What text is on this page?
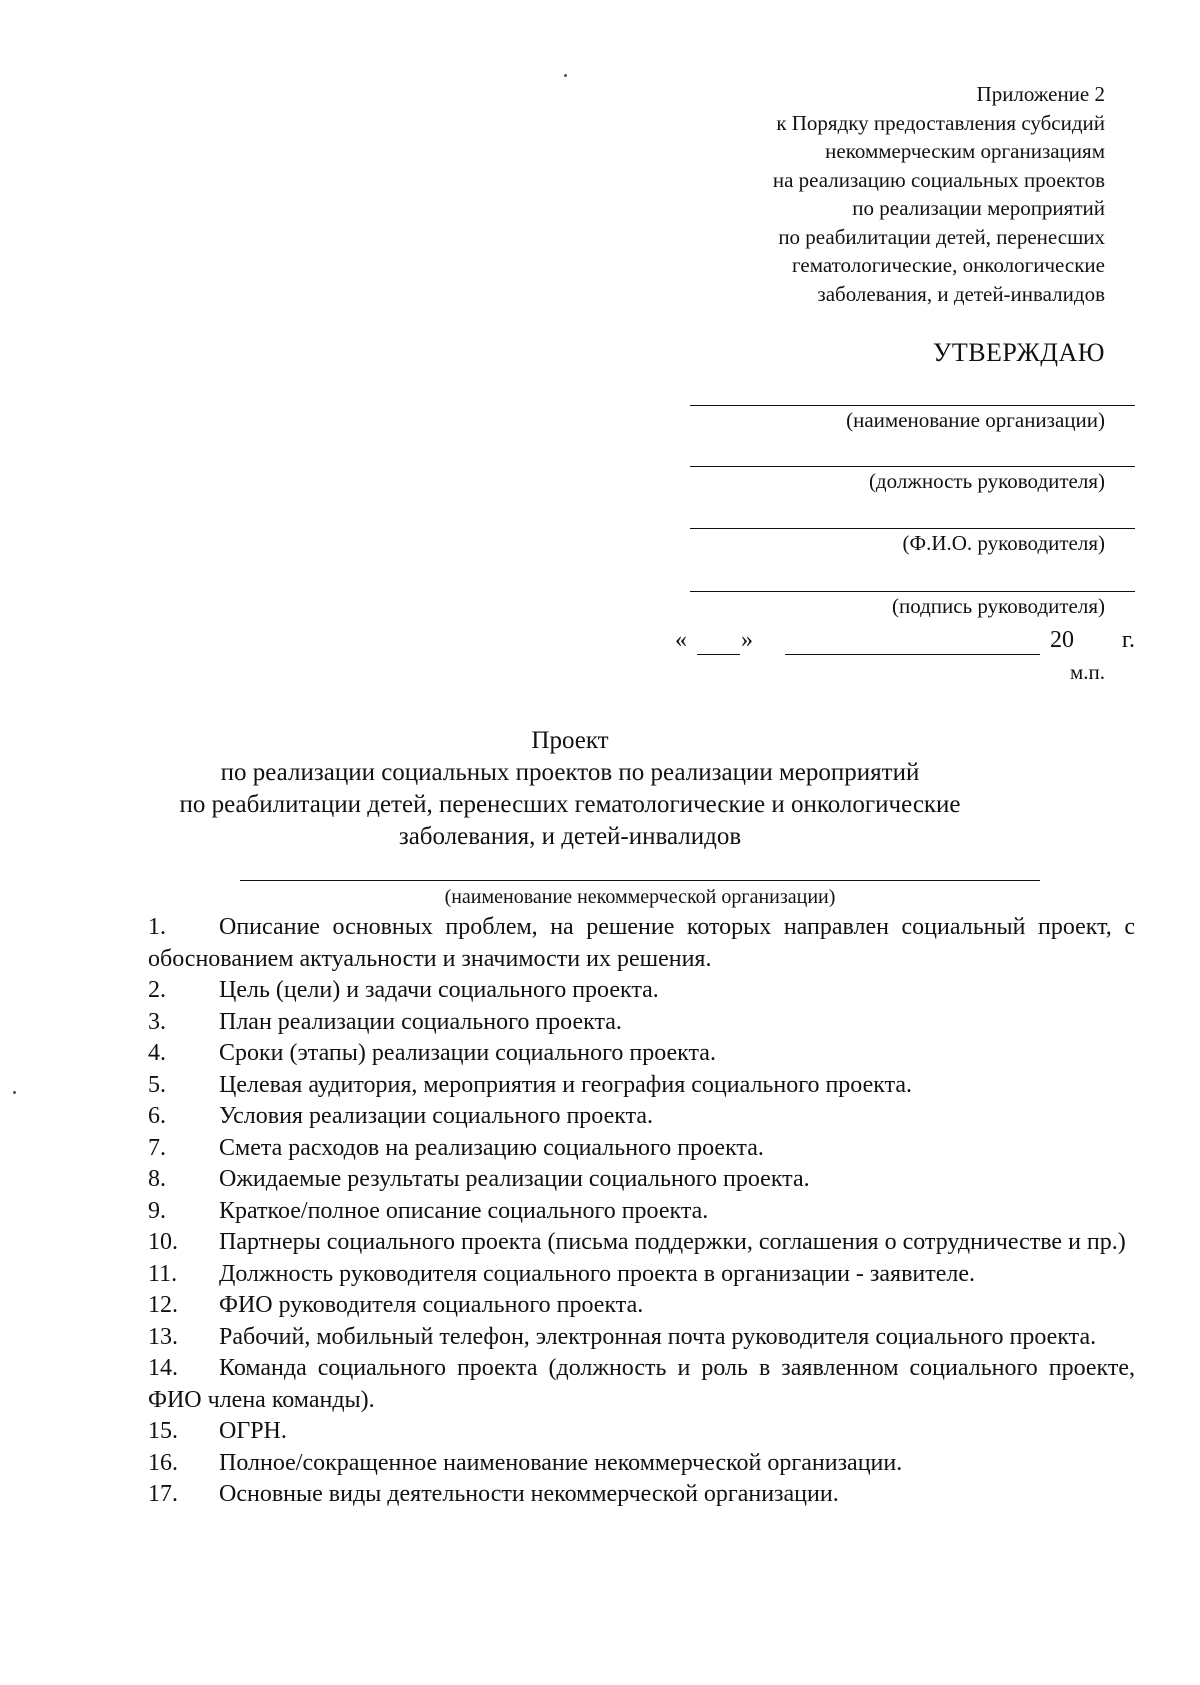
Приложение 2
к Порядку предоставления субсидий
некоммерческим организациям
на реализацию социальных проектов
по реализации мероприятий
по реабилитации детей, перенесших
гематологические, онкологические
заболевания, и детей-инвалидов
УТВЕРЖДАЮ
(наименование организации)
(должность руководителя)
(Ф.И.О. руководителя)
(подпись руководителя)
« »	20 г.
м.п.
Проект
по реализации социальных проектов по реализации мероприятий
по реабилитации детей, перенесших гематологические и онкологические
заболевания, и детей-инвалидов
(наименование некоммерческой организации)
1. Описание основных проблем, на решение которых направлен социальный проект, с обоснованием актуальности и значимости их решения.
2.	Цель (цели) и задачи социального проекта.
3.	План реализации социального проекта.
4.	Сроки (этапы) реализации социального проекта.
5.	Целевая аудитория, мероприятия и география социального проекта.
6.	Условия реализации социального проекта.
7.	Смета расходов на реализацию социального проекта.
8.	Ожидаемые результаты реализации социального проекта.
9.	Краткое/полное описание социального проекта.
10. Партнеры социального проекта (письма поддержки, соглашения о сотрудничестве и пр.)
11.	Должность руководителя социального проекта в организации - заявителе.
12.	ФИО руководителя социального проекта.
13. Рабочий, мобильный телефон, электронная почта руководителя социального проекта.
14. Команда социального проекта (должность и роль в заявленном социального проекте, ФИО члена команды).
15.	ОГРН.
16.	Полное/сокращенное наименование некоммерческой организации.
17.	Основные виды деятельности некоммерческой организации.
